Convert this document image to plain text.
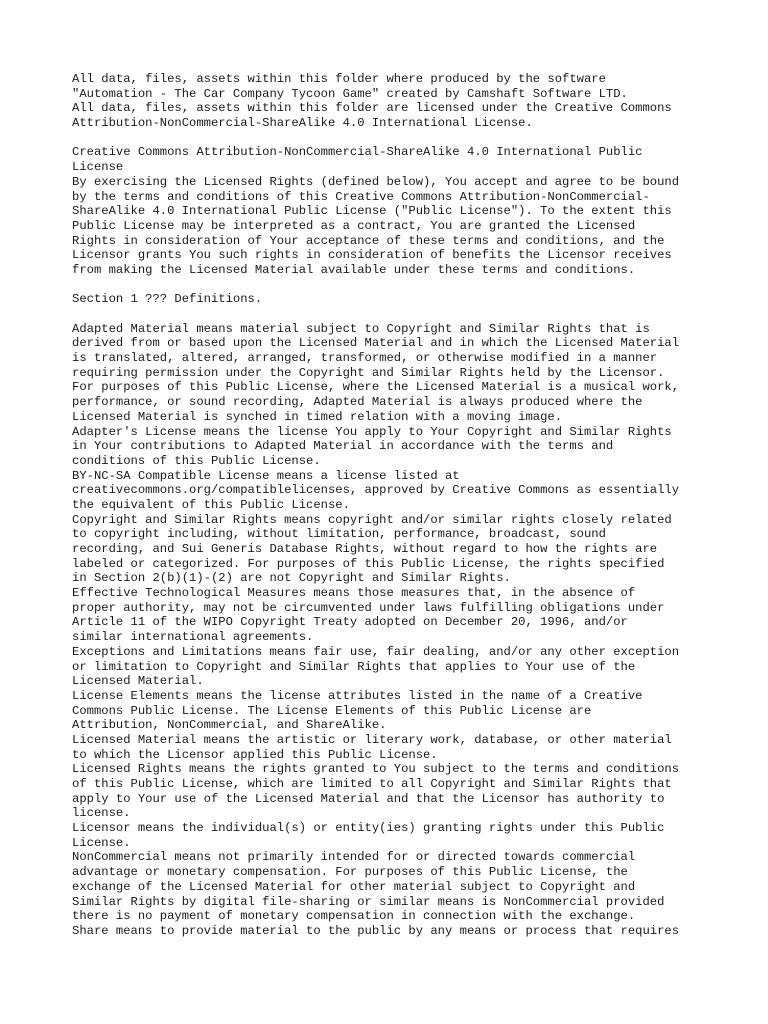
All data, files, assets within this folder where produced by the software
"Automation - The Car Company Tycoon Game" created by Camshaft Software LTD.
All data, files, assets within this folder are licensed under the Creative Commons
Attribution-NonCommercial-ShareAlike 4.0 International License.
Creative Commons Attribution-NonCommercial-ShareAlike 4.0 International Public
License
By exercising the Licensed Rights (defined below), You accept and agree to be bound
by the terms and conditions of this Creative Commons Attribution-NonCommercial-
ShareAlike 4.0 International Public License ("Public License"). To the extent this
Public License may be interpreted as a contract, You are granted the Licensed
Rights in consideration of Your acceptance of these terms and conditions, and the
Licensor grants You such rights in consideration of benefits the Licensor receives
from making the Licensed Material available under these terms and conditions.
Section 1 ??? Definitions.
Adapted Material means material subject to Copyright and Similar Rights that is
derived from or based upon the Licensed Material and in which the Licensed Material
is translated, altered, arranged, transformed, or otherwise modified in a manner
requiring permission under the Copyright and Similar Rights held by the Licensor.
For purposes of this Public License, where the Licensed Material is a musical work,
performance, or sound recording, Adapted Material is always produced where the
Licensed Material is synched in timed relation with a moving image.
Adapter's License means the license You apply to Your Copyright and Similar Rights
in Your contributions to Adapted Material in accordance with the terms and
conditions of this Public License.
BY-NC-SA Compatible License means a license listed at
creativecommons.org/compatiblelicenses, approved by Creative Commons as essentially
the equivalent of this Public License.
Copyright and Similar Rights means copyright and/or similar rights closely related
to copyright including, without limitation, performance, broadcast, sound
recording, and Sui Generis Database Rights, without regard to how the rights are
labeled or categorized. For purposes of this Public License, the rights specified
in Section 2(b)(1)-(2) are not Copyright and Similar Rights.
Effective Technological Measures means those measures that, in the absence of
proper authority, may not be circumvented under laws fulfilling obligations under
Article 11 of the WIPO Copyright Treaty adopted on December 20, 1996, and/or
similar international agreements.
Exceptions and Limitations means fair use, fair dealing, and/or any other exception
or limitation to Copyright and Similar Rights that applies to Your use of the
Licensed Material.
License Elements means the license attributes listed in the name of a Creative
Commons Public License. The License Elements of this Public License are
Attribution, NonCommercial, and ShareAlike.
Licensed Material means the artistic or literary work, database, or other material
to which the Licensor applied this Public License.
Licensed Rights means the rights granted to You subject to the terms and conditions
of this Public License, which are limited to all Copyright and Similar Rights that
apply to Your use of the Licensed Material and that the Licensor has authority to
license.
Licensor means the individual(s) or entity(ies) granting rights under this Public
License.
NonCommercial means not primarily intended for or directed towards commercial
advantage or monetary compensation. For purposes of this Public License, the
exchange of the Licensed Material for other material subject to Copyright and
Similar Rights by digital file-sharing or similar means is NonCommercial provided
there is no payment of monetary compensation in connection with the exchange.
Share means to provide material to the public by any means or process that requires
